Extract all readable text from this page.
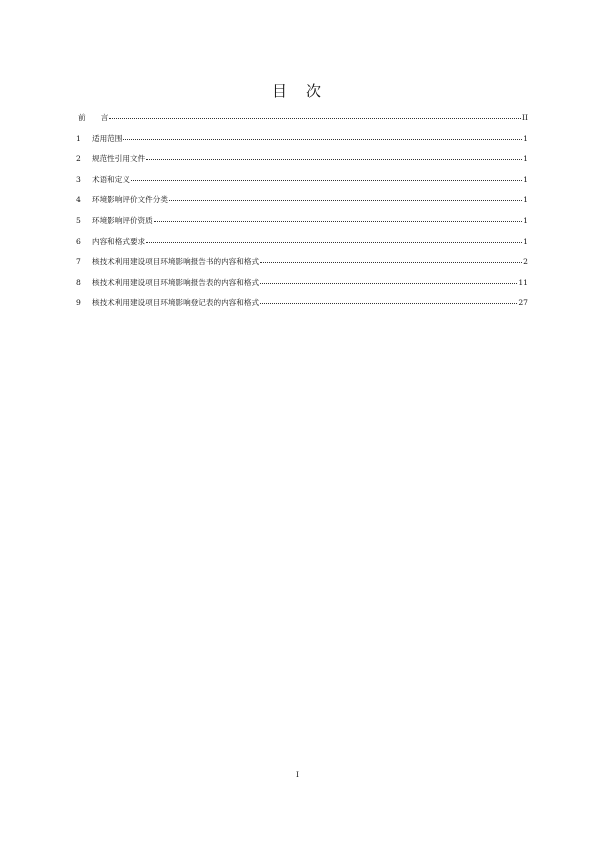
目　次
前　　言	II
1	适用范围	1
2	规范性引用文件	1
3	术语和定义	1
4	环境影响评价文件分类	1
5	环境影响评价资质	1
6	内容和格式要求	1
7	核技术利用建设项目环境影响报告书的内容和格式	2
8	核技术利用建设项目环境影响报告表的内容和格式	11
9	核技术利用建设项目环境影响登记表的内容和格式	27
I
